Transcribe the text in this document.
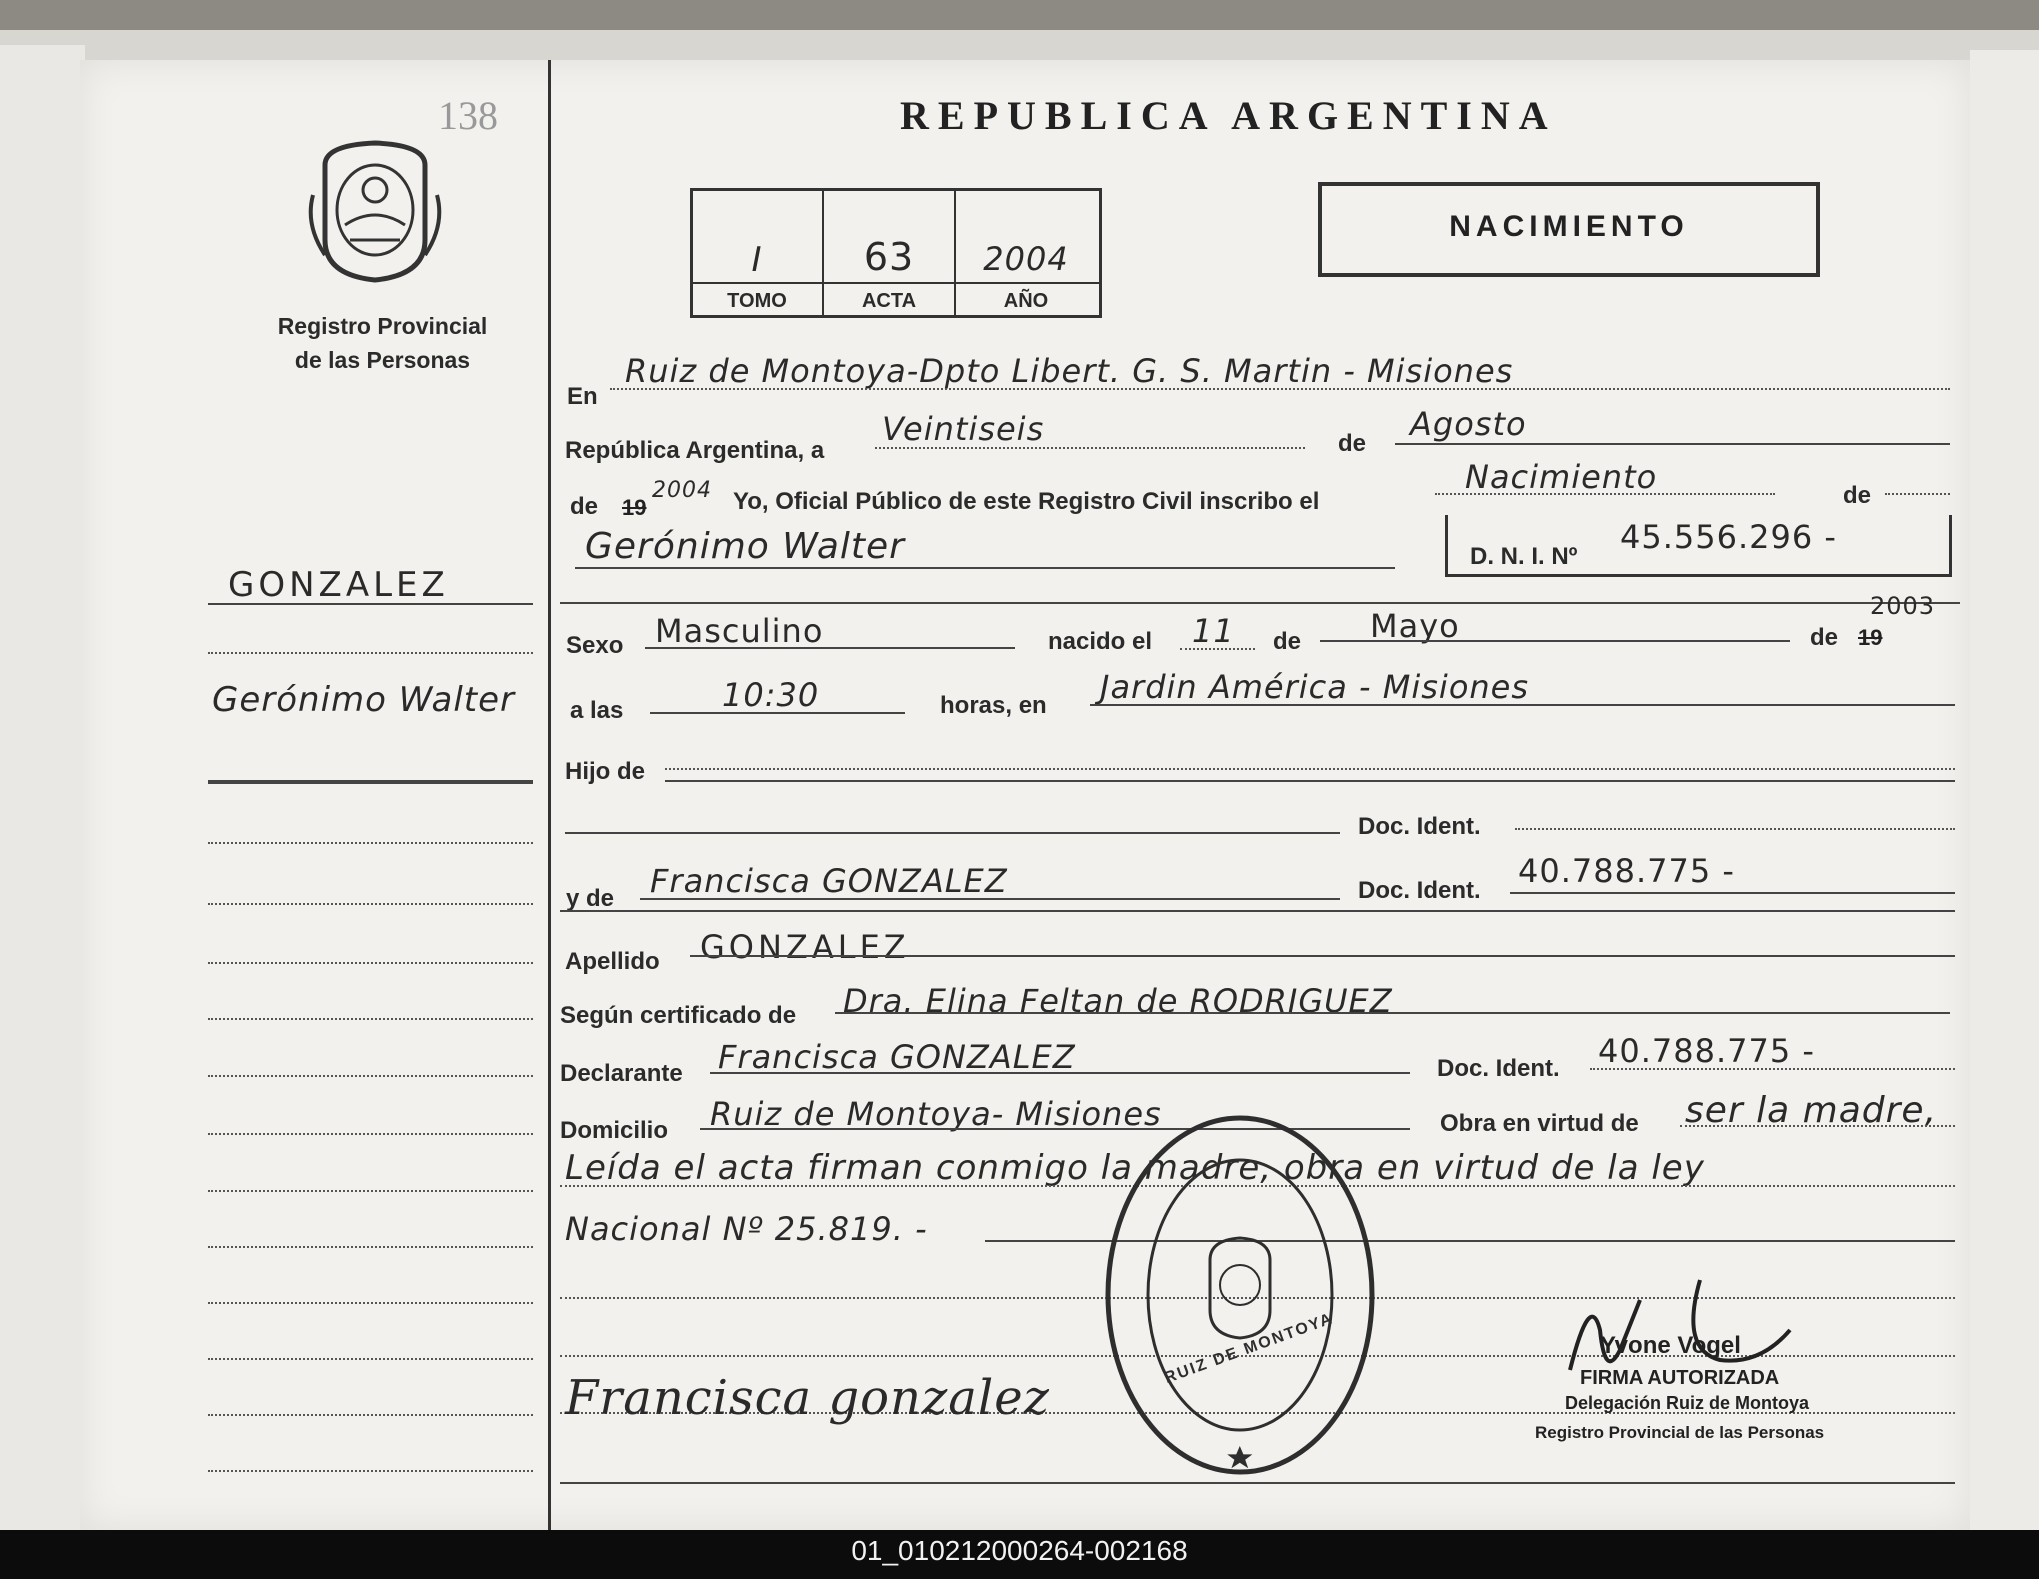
138
Registro Provincial
de las Personas
GONZALEZ
Gerónimo Walter
REPUBLICA ARGENTINA
NACIMIENTO
I	63	2004
TOMO	ACTA	AÑO
En
Ruiz de Montoya-Dpto Libert. G. S. Martin - Misiones
República Argentina, a
Veintiseis	de
Agosto
de 19
2004 Yo, Oficial Público de este Registro Civil inscribo el
Nacimiento	de
Gerónimo Walter	D. N. I. Nº
45.556.296 -
Sexo Masculino	nacido el 11 de Mayo	de 19
2003
a las	10:30	horas, en Jardin América - Misiones
Hijo de
Doc. Ident.
y de Francisca GONZALEZ	Doc. Ident.
40.788.775 -
Apellido GONZALEZ
Según certificado de Dra. Elina Feltan de RODRIGUEZ
Declarante Francisca GONZALEZ	Doc. Ident. 40.788.775 -
Domicilio Ruiz de Montoya- Misiones	Obra en virtud de ser la madre,
Leída el acta firman conmigo la madre, obra en virtud de la ley
Nacional Nº 25.819. -
Francisca gonzalez
RUIZ DE MONTOYA	Yvone Vogel
FIRMA AUTORIZADA
Delegación Ruiz de Montoya
Registro Provincial de las Personas
01_010212000264-002168
